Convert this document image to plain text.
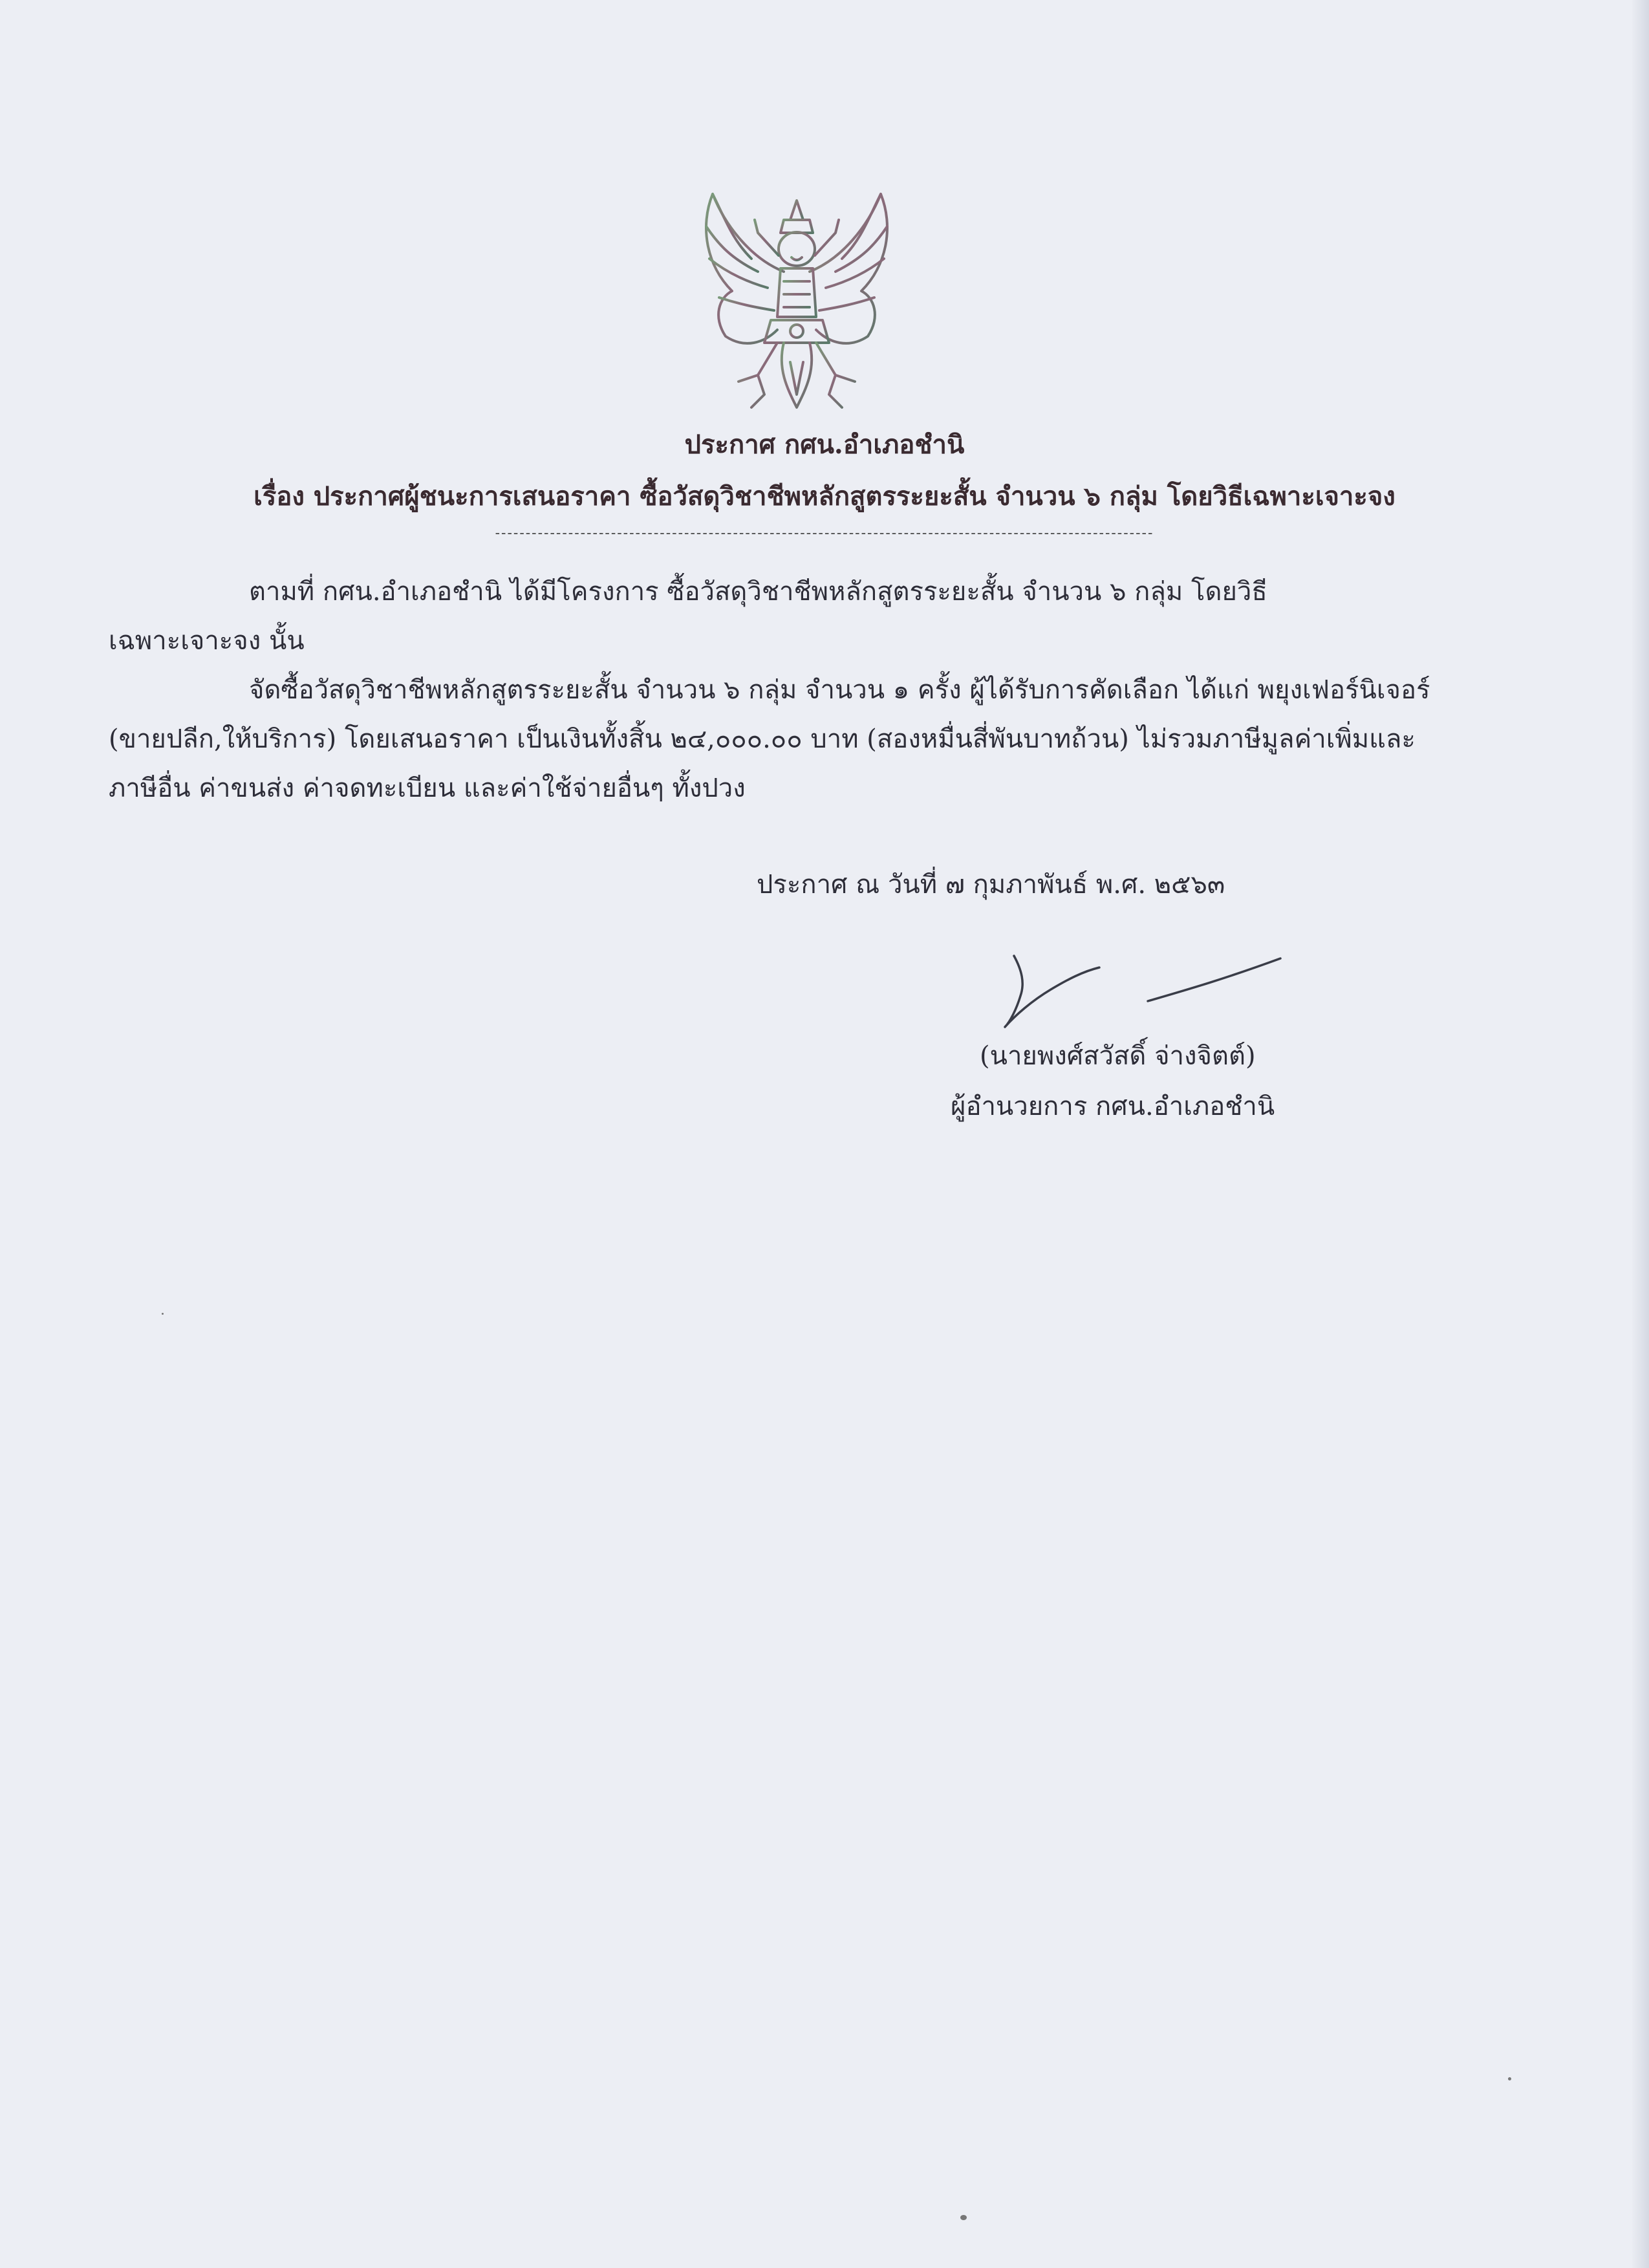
ประกาศ กศน.อำเภอชำนิ
เรื่อง ประกาศผู้ชนะการเสนอราคา ซื้อวัสดุวิชาชีพหลักสูตรระยะสั้น จำนวน ๖ กลุ่ม โดยวิธีเฉพาะเจาะจง
------------------------------------------------------------------------------------------------------------
ตามที่ กศน.อำเภอชำนิ ได้มีโครงการ ซื้อวัสดุวิชาชีพหลักสูตรระยะสั้น จำนวน ๖ กลุ่ม โดยวิธี
เฉพาะเจาะจง นั้น
จัดซื้อวัสดุวิชาชีพหลักสูตรระยะสั้น จำนวน ๖ กลุ่ม จำนวน ๑ ครั้ง ผู้ได้รับการคัดเลือก ได้แก่ พยุงเฟอร์นิเจอร์
(ขายปลีก,ให้บริการ) โดยเสนอราคา เป็นเงินทั้งสิ้น ๒๔,๐๐๐.๐๐ บาท (สองหมื่นสี่พันบาทถ้วน) ไม่รวมภาษีมูลค่าเพิ่มและ
ภาษีอื่น ค่าขนส่ง ค่าจดทะเบียน และค่าใช้จ่ายอื่นๆ ทั้งปวง
ประกาศ ณ วันที่ ๗ กุมภาพันธ์ พ.ศ. ๒๕๖๓
(นายพงศ์สวัสดิ์ จ่างจิตต์)
ผู้อำนวยการ กศน.อำเภอชำนิ
